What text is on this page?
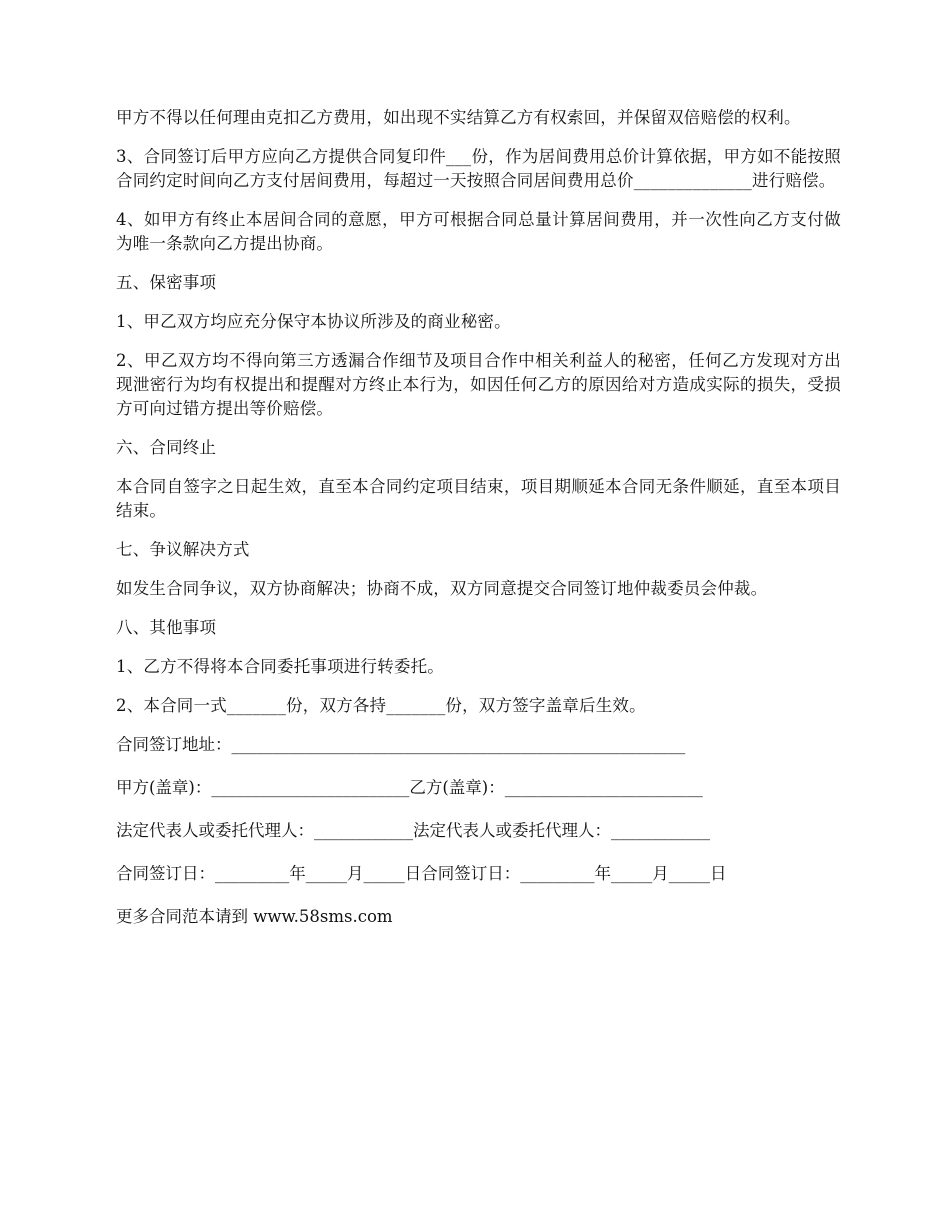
甲方不得以任何理由克扣乙方费用，如出现不实结算乙方有权索回，并保留双倍赔偿的权利。

3、合同签订后甲方应向乙方提供合同复印件___份，作为居间费用总价计算依据，甲方如不能按照合同约定时间向乙方支付居间费用，每超过一天按照合同居间费用总价______________进行赔偿。

4、如甲方有终止本居间合同的意愿，甲方可根据合同总量计算居间费用，并一次性向乙方支付做为唯一条款向乙方提出协商。

五、保密事项

1、甲乙双方均应充分保守本协议所涉及的商业秘密。

2、甲乙双方均不得向第三方透漏合作细节及项目合作中相关利益人的秘密，任何乙方发现对方出现泄密行为均有权提出和提醒对方终止本行为，如因任何乙方的原因给对方造成实际的损失，受损方可向过错方提出等价赔偿。

六、合同终止

本合同自签字之日起生效，直至本合同约定项目结束，项目期顺延本合同无条件顺延，直至本项目结束。

七、争议解决方式

如发生合同争议，双方协商解决；协商不成，双方同意提交合同签订地仲裁委员会仲裁。

八、其他事项

1、乙方不得将本合同委托事项进行转委托。

2、本合同一式_______份，双方各持_______份，双方签字盖章后生效。

合同签订地址：_______________________________________________________

甲方(盖章)：________________________乙方(盖章)：________________________

法定代表人或委托代理人：____________法定代表人或委托代理人：____________

合同签订日：_________年_____月_____日合同签订日：_________年_____月_____日

更多合同范本请到 www.58sms.com
